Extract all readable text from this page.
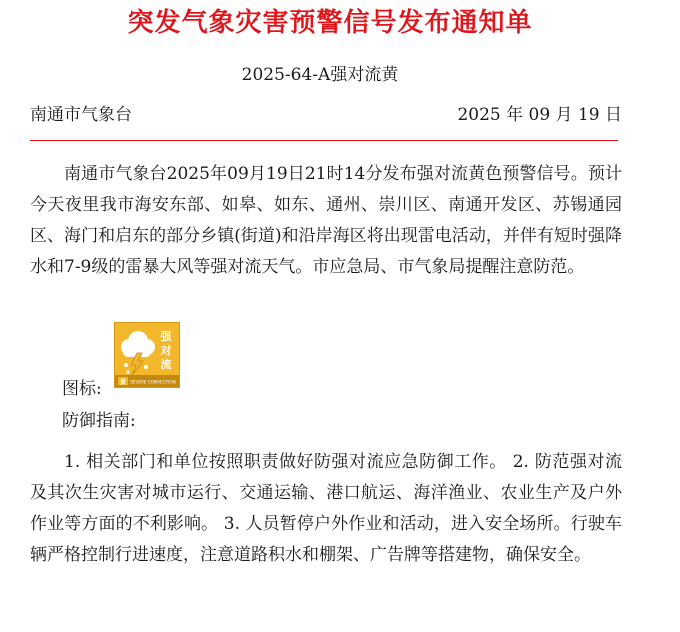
突发气象灾害预警信号发布通知单
2025-64-A强对流黄
南通市气象台	2025 年 09 月 19 日

南通市气象台2025年09月19日21时14分发布强对流黄色预警信号。预计今天夜里我市海安东部、如皋、如东、通州、崇川区、南通开发区、苏锡通园区、海门和启东的部分乡镇(街道)和沿岸海区将出现雷电活动，并伴有短时强降水和7-9级的雷暴大风等强对流天气。市应急局、市气象局提醒注意防范。

图标:
强
对
流
黄 SEVERE CONVECTION
防御指南:

1. 相关部门和单位按照职责做好防强对流应急防御工作。 2. 防范强对流及其次生灾害对城市运行、交通运输、港口航运、海洋渔业、农业生产及户外作业等方面的不利影响。 3. 人员暂停户外作业和活动，进入安全场所。行驶车辆严格控制行进速度，注意道路积水和棚架、广告牌等搭建物，确保安全。
